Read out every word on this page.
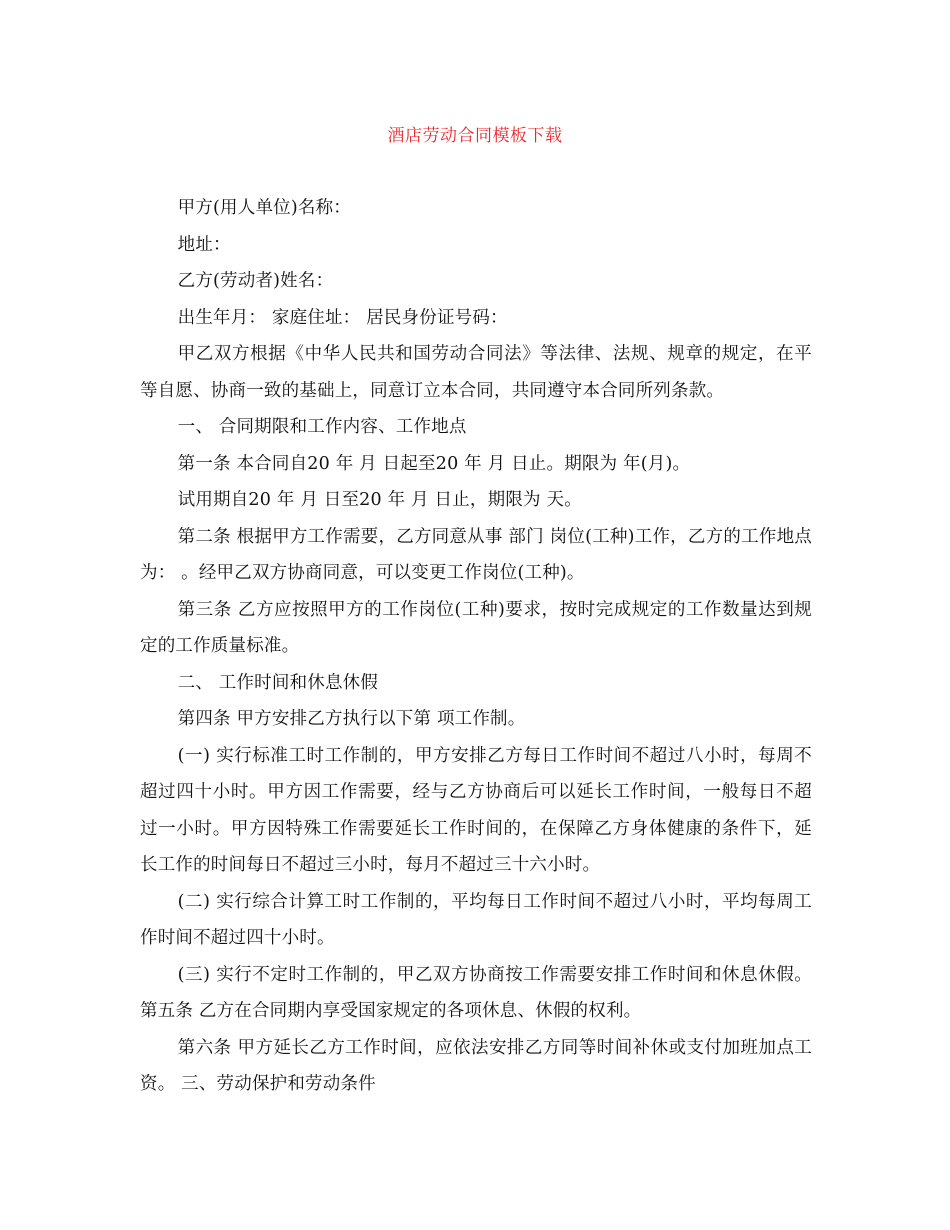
酒店劳动合同模板下载

甲方(用人单位)名称：

地址：

乙方(劳动者)姓名：

出生年月： 家庭住址： 居民身份证号码：

甲乙双方根据《中华人民共和国劳动合同法》等法律、法规、规章的规定，在平等自愿、协商一致的基础上，同意订立本合同，共同遵守本合同所列条款。

一、 合同期限和工作内容、工作地点

第一条 本合同自20 年 月 日起至20 年 月 日止。期限为 年(月)。

试用期自20 年 月 日至20 年 月 日止，期限为 天。

第二条 根据甲方工作需要，乙方同意从事 部门 岗位(工种)工作，乙方的工作地点为： 。经甲乙双方协商同意，可以变更工作岗位(工种)。

第三条 乙方应按照甲方的工作岗位(工种)要求，按时完成规定的工作数量达到规定的工作质量标准。

二、 工作时间和休息休假

第四条 甲方安排乙方执行以下第 项工作制。

(一) 实行标准工时工作制的，甲方安排乙方每日工作时间不超过八小时，每周不超过四十小时。甲方因工作需要，经与乙方协商后可以延长工作时间，一般每日不超过一小时。甲方因特殊工作需要延长工作时间的，在保障乙方身体健康的条件下，延长工作的时间每日不超过三小时，每月不超过三十六小时。

(二) 实行综合计算工时工作制的，平均每日工作时间不超过八小时，平均每周工作时间不超过四十小时。

(三) 实行不定时工作制的，甲乙双方协商按工作需要安排工作时间和休息休假。 第五条 乙方在合同期内享受国家规定的各项休息、休假的权利。

第六条 甲方延长乙方工作时间，应依法安排乙方同等时间补休或支付加班加点工资。 三、劳动保护和劳动条件
